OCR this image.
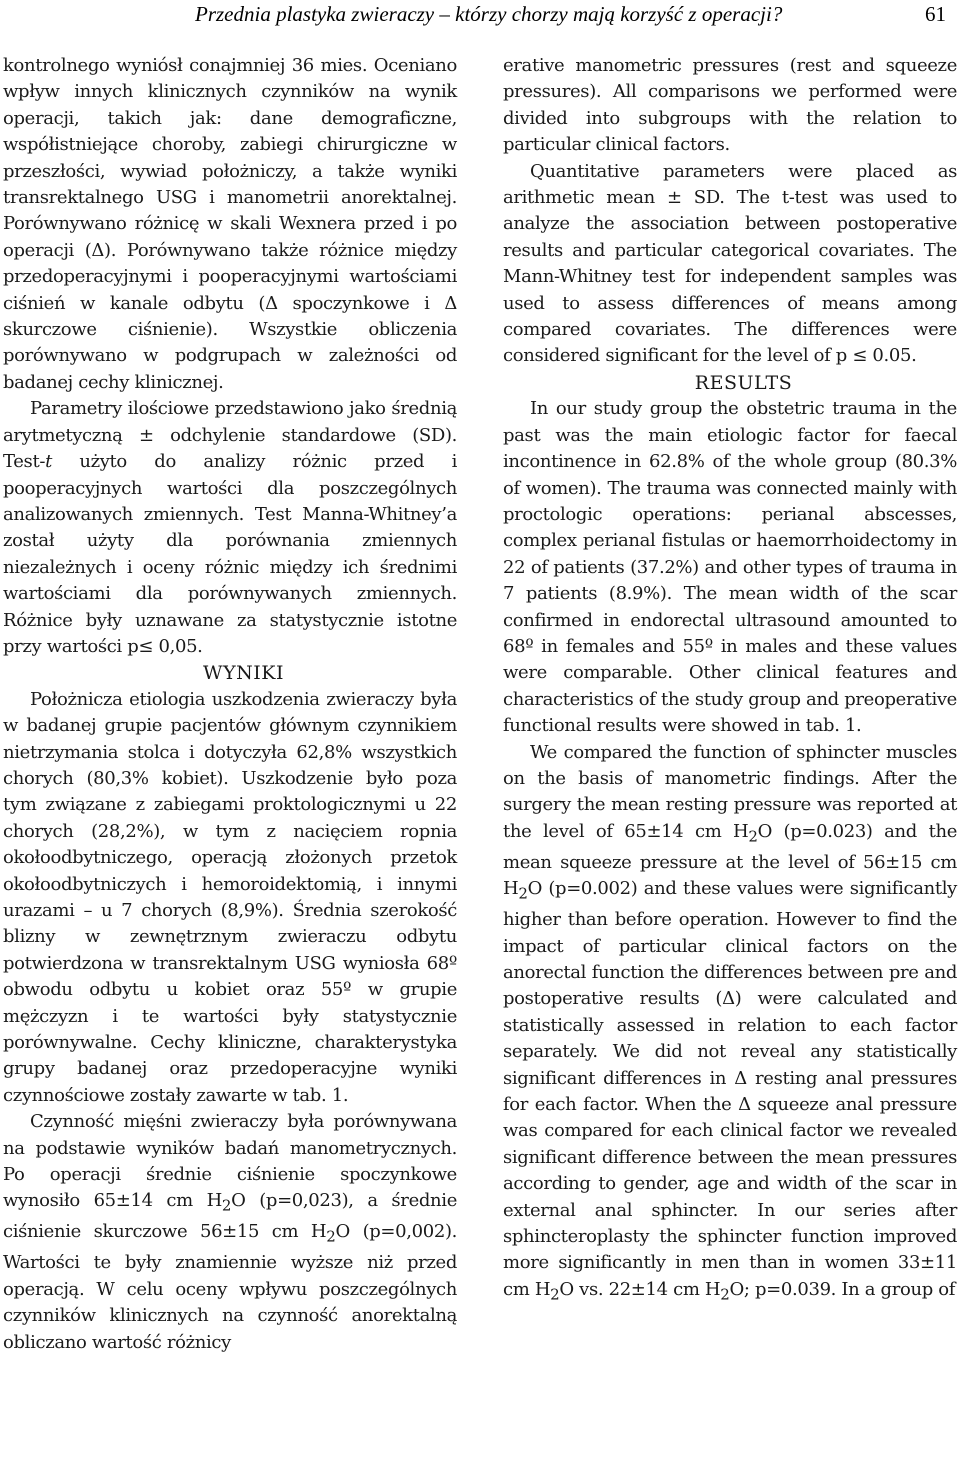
Przednia plastyka zwieraczy – którzy chorzy mają korzyść z operacji?	61

kontrolnego wyniósł conajmniej 36 mies. Oceniano wpływ innych klinicznych czynników na wynik operacji, takich jak: dane demograficzne, współistniejące choroby, zabiegi chirurgiczne w przeszłości, wywiad położniczy, a także wyniki transrektalnego USG i manometrii anorektalnej. Porównywano różnicę w skali Wexnera przed i po operacji (Δ). Porównywano także różnice między przedoperacyjnymi i pooperacyjnymi wartościami ciśnień w kanale odbytu (Δ spoczynkowe i Δ skurczowe ciśnienie). Wszystkie obliczenia porównywano w podgrupach w zależności od badanej cechy klinicznej.

Parametry ilościowe przedstawiono jako średnią arytmetyczną ± odchylenie standardowe (SD). Test-t użyto do analizy różnic przed i pooperacyjnych wartości dla poszczególnych analizowanych zmiennych. Test Manna-Whitney’a został użyty dla porównania zmiennych niezależnych i oceny różnic między ich średnimi wartościami dla porównywanych zmiennych. Różnice były uznawane za statystycznie istotne przy wartości p≤ 0,05.

WYNIKI

Położnicza etiologia uszkodzenia zwieraczy była w badanej grupie pacjentów głównym czynnikiem nietrzymania stolca i dotyczyła 62,8% wszystkich chorych (80,3% kobiet). Uszkodzenie było poza tym związane z zabiegami proktologicznymi u 22 chorych (28,2%), w tym z nacięciem ropnia okołoodbytniczego, operacją złożonych przetok okołoodbytniczych i hemoroidektomią, i innymi urazami – u 7 chorych (8,9%). Średnia szerokość blizny w zewnętrznym zwieraczu odbytu potwierdzona w transrektalnym USG wyniosła 68º obwodu odbytu u kobiet oraz 55º w grupie mężczyzn i te wartości były statystycznie porównywalne. Cechy kliniczne, charakterystyka grupy badanej oraz przedoperacyjne wyniki czynnościowe zostały zawarte w tab. 1.

Czynność mięśni zwieraczy była porównywana na podstawie wyników badań manometrycznych. Po operacji średnie ciśnienie spoczynkowe wynosiło 65±14 cm $H_2O$ (p=0,023), a średnie ciśnienie skurczowe 56±15 cm $H_2O$ (p=0,002). Wartości te były znamiennie wyższe niż przed operacją. W celu oceny wpływu poszczególnych czynników klinicznych na czynność anorektalną obliczano wartość różnicy

erative manometric pressures (rest and squeeze pressures). All comparisons we performed were divided into subgroups with the relation to particular clinical factors.

Quantitative parameters were placed as arithmetic mean ± SD. The t-test was used to analyze the association between postoperative results and particular categorical covariates. The Mann-Whitney test for independent samples was used to assess differences of means among compared covariates. The differences were considered significant for the level of p ≤ 0.05.

RESULTS

In our study group the obstetric trauma in the past was the main etiologic factor for faecal incontinence in 62.8% of the whole group (80.3% of women). The trauma was connected mainly with proctologic operations: perianal abscesses, complex perianal fistulas or haemorrhoidectomy in 22 of patients (37.2%) and other types of trauma in 7 patients (8.9%). The mean width of the scar confirmed in endorectal ultrasound amounted to 68º in females and 55º in males and these values were comparable. Other clinical features and characteristics of the study group and preoperative functional results were showed in tab. 1.

We compared the function of sphincter muscles on the basis of manometric findings. After the surgery the mean resting pressure was reported at the level of 65±14 cm $H_2O$ (p=0.023) and the mean squeeze pressure at the level of 56±15 cm $H_2O$ (p=0.002) and these values were significantly higher than before operation. However to find the impact of particular clinical factors on the anorectal function the differences between pre and postoperative results (Δ) were calculated and statistically assessed in relation to each factor separately. We did not reveal any statistically significant differences in Δ resting anal pressures for each factor. When the Δ squeeze anal pressure was compared for each clinical factor we revealed significant difference between the mean pressures according to gender, age and width of the scar in external anal sphincter. In our series after sphincteroplasty the sphincter function improved more significantly in men than in women 33±11 cm $H_2O$ vs. 22±14 cm $H_2O$; p=0.039. In a group of
